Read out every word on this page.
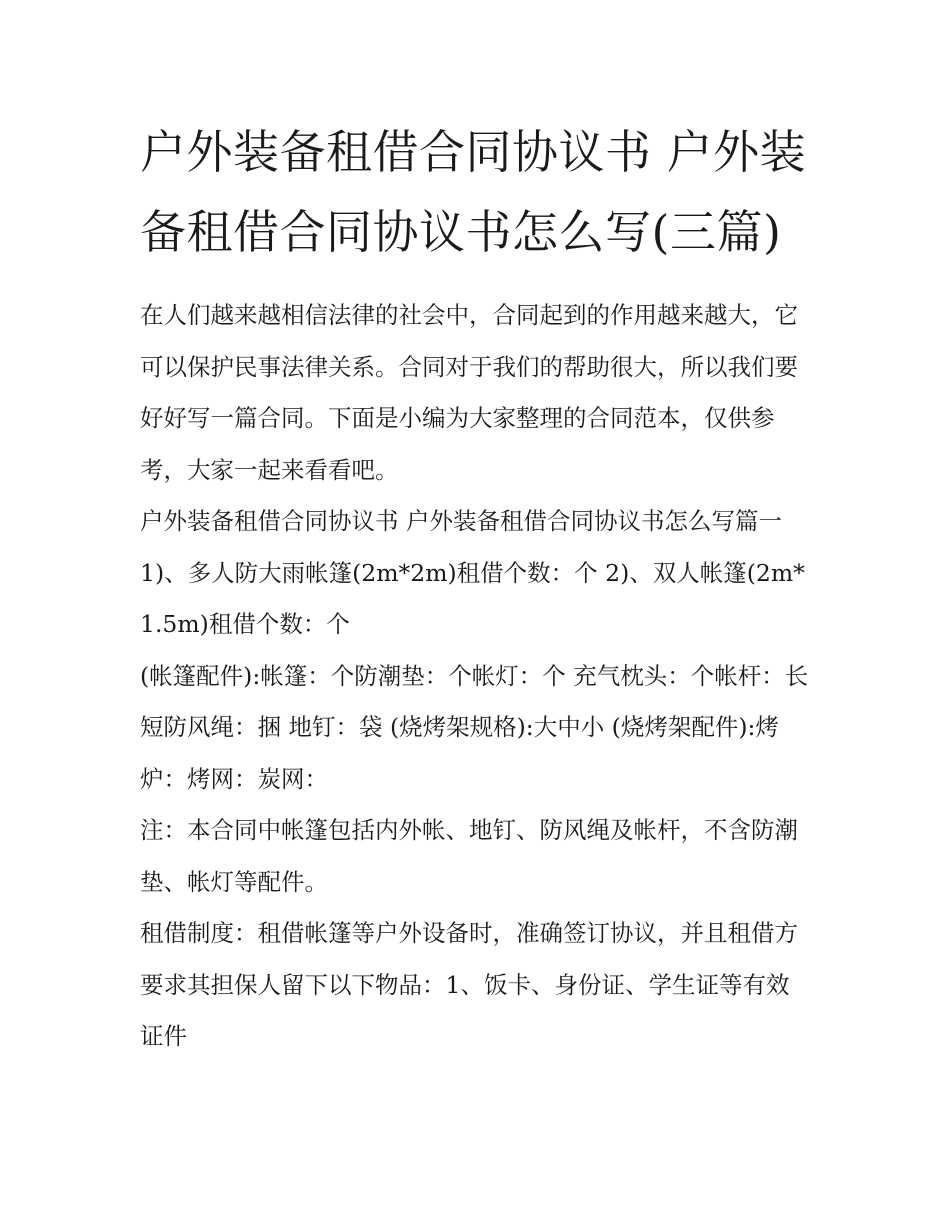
户外装备租借合同协议书 户外装备租借合同协议书怎么写(三篇)

在人们越来越相信法律的社会中，合同起到的作用越来越大，它可以保护民事法律关系。合同对于我们的帮助很大，所以我们要好好写一篇合同。下面是小编为大家整理的合同范本，仅供参考，大家一起来看看吧。

户外装备租借合同协议书 户外装备租借合同协议书怎么写篇一 1)、多人防大雨帐篷(2m*2m)租借个数：个 2)、双人帐篷(2m*1.5m)租借个数：个

(帐篷配件):帐篷：个防潮垫：个帐灯：个 充气枕头：个帐杆：长短防风绳：捆 地钉：袋 (烧烤架规格):大中小 (烧烤架配件):烤炉：烤网：炭网：

注：本合同中帐篷包括内外帐、地钉、防风绳及帐杆，不含防潮垫、帐灯等配件。

租借制度：租借帐篷等户外设备时，准确签订协议，并且租借方要求其担保人留下以下物品：1、饭卡、身份证、学生证等有效证件
